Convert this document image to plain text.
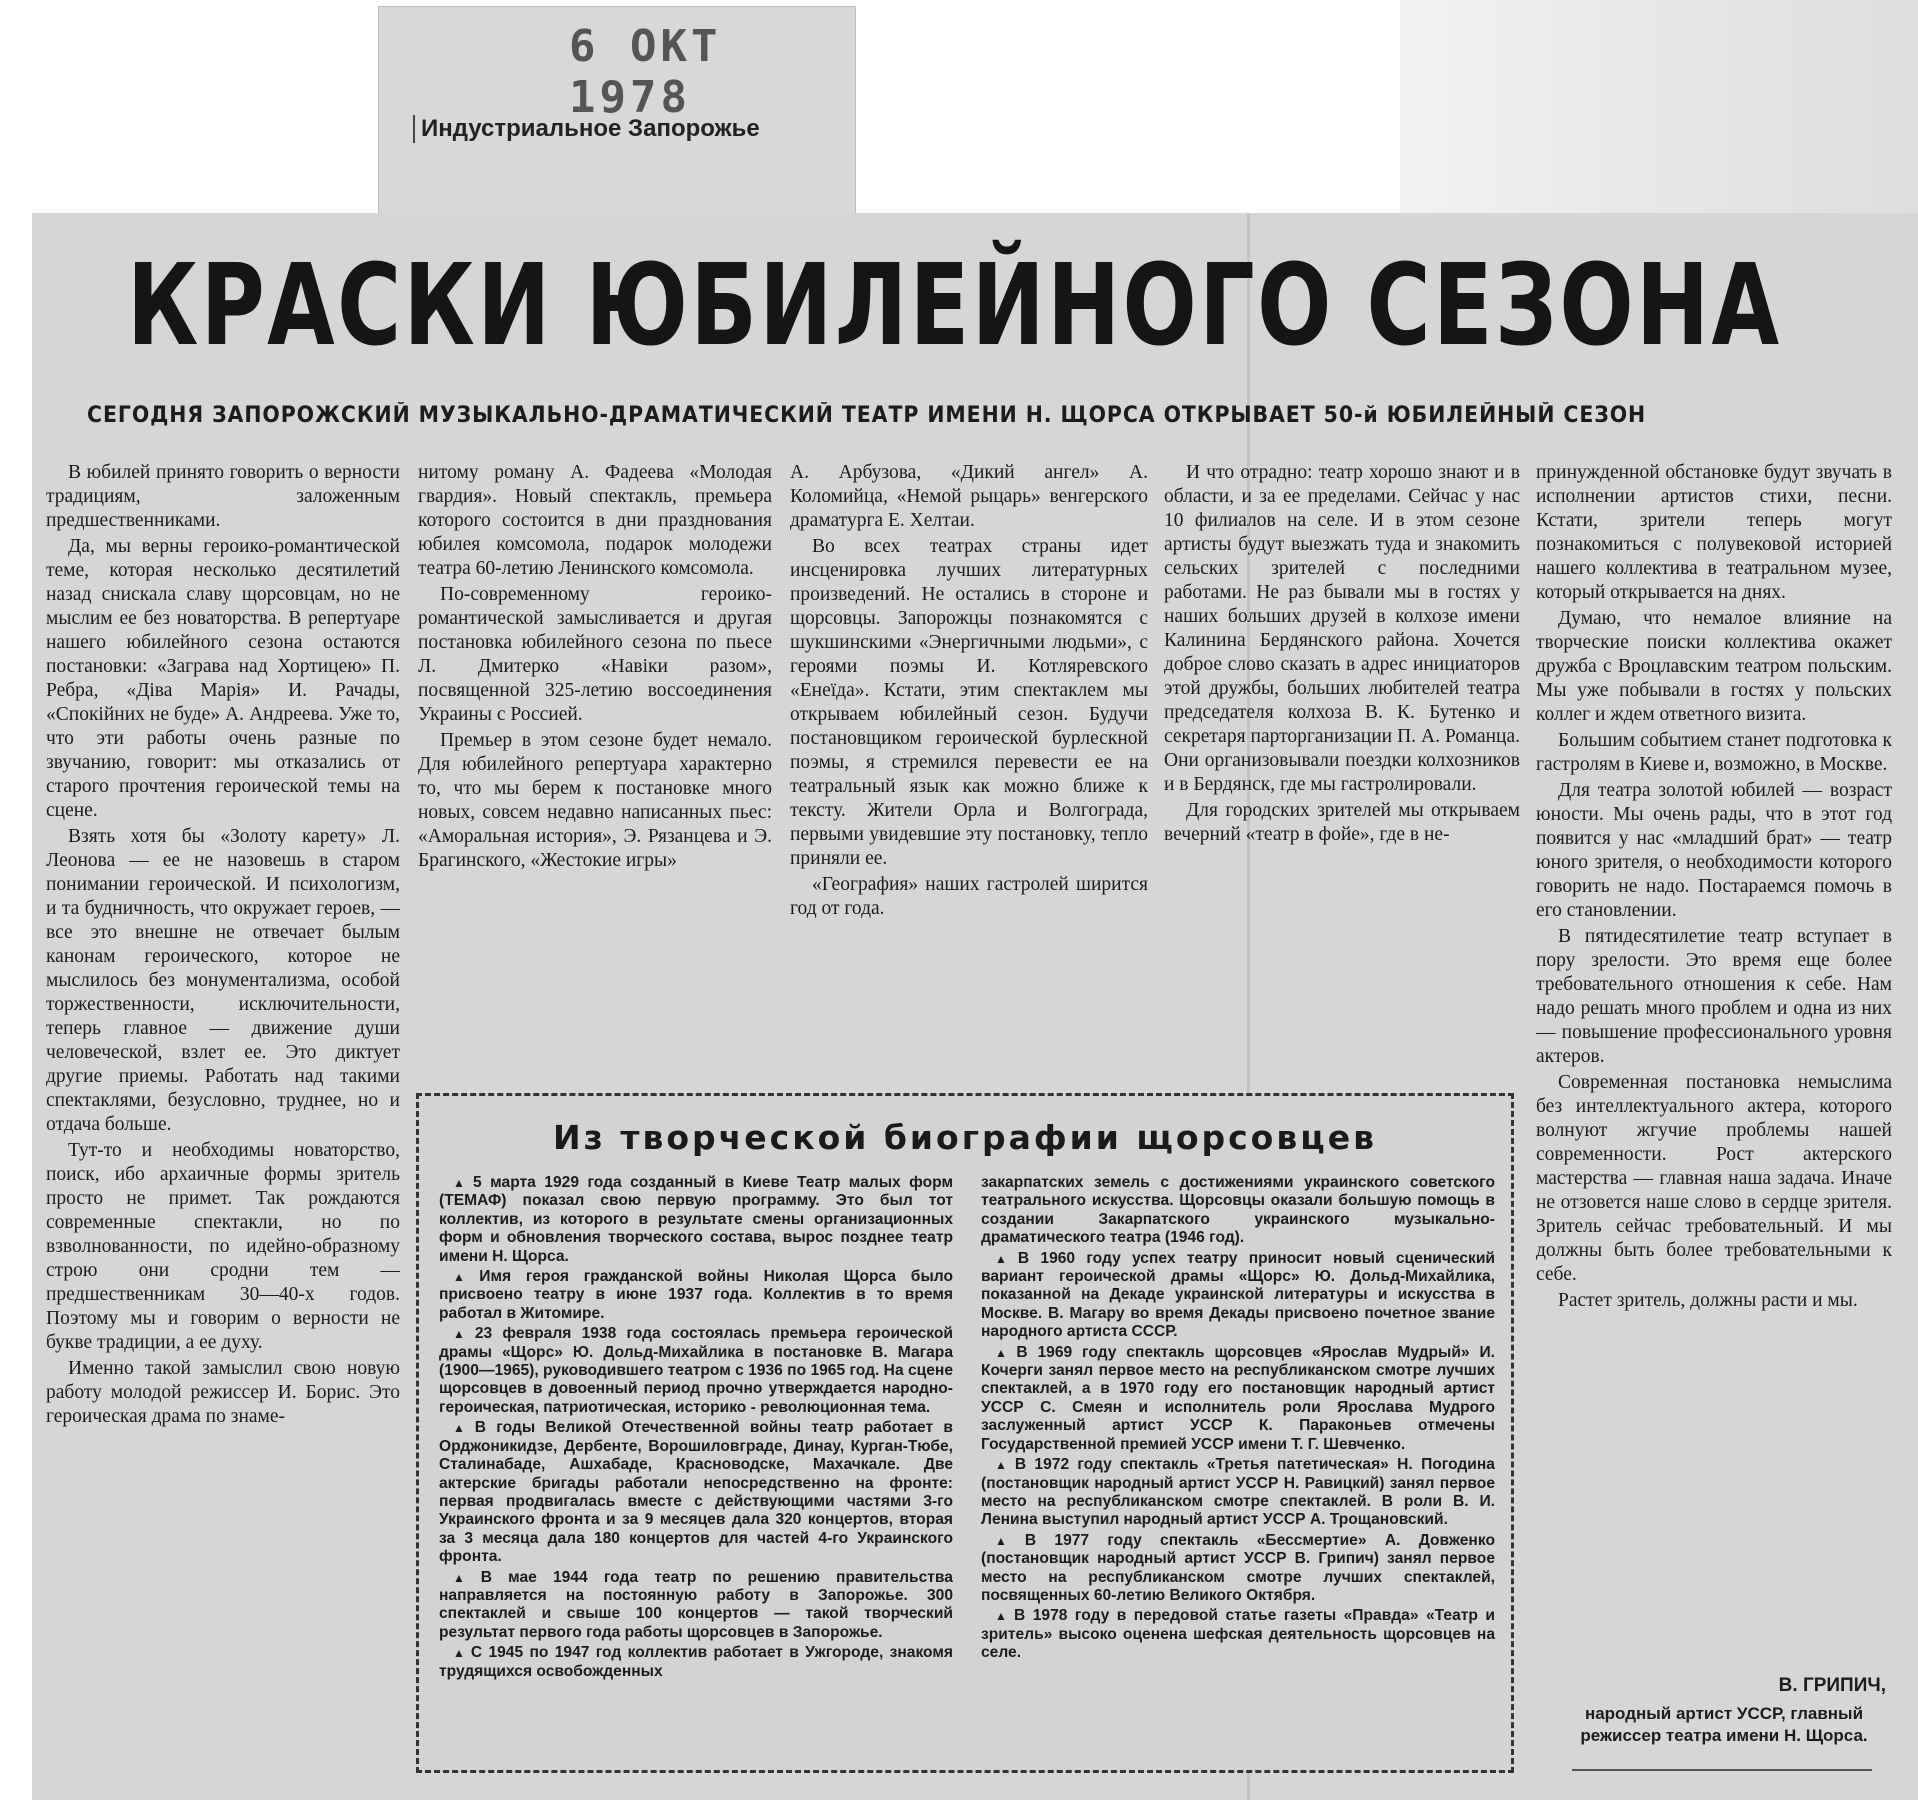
6 ОКТ 1978
Индустриальное Запорожье
КРАСКИ ЮБИЛЕЙНОГО СЕЗОНА
СЕГОДНЯ ЗАПОРОЖСКИЙ МУЗЫКАЛЬНО-ДРАМАТИЧЕСКИЙ ТЕАТР ИМЕНИ Н. ЩОРСА ОТКРЫВАЕТ 50-й ЮБИЛЕЙНЫЙ СЕЗОН

В юбилей принято говорить о верности традициям, заложенным предшественниками.

Да, мы верны героико-романтической теме, которая несколько десятилетий назад снискала славу щорсовцам, но не мыслим ее без новаторства. В репертуаре нашего юбилейного сезона остаются постановки: «Заграва над Хортицею» П. Ребра, «Діва Марія» И. Рачады, «Спокійних не буде» А. Андреева. Уже то, что эти работы очень разные по звучанию, говорит: мы отказались от старого прочтения героической темы на сцене.

Взять хотя бы «Золоту карету» Л. Леонова — ее не назовешь в старом понимании героической. И психологизм, и та будничность, что окружает героев, — все это внешне не отвечает былым канонам героического, которое не мыслилось без монументализма, особой торжественности, исключительности, теперь главное — движение души человеческой, взлет ее. Это диктует другие приемы. Работать над такими спектаклями, безусловно, труднее, но и отдача больше.

Тут-то и необходимы новаторство, поиск, ибо архаичные формы зритель просто не примет. Так рождаются современные спектакли, но по взволнованности, по идейно-образному строю они сродни тем — предшественникам 30—40-х годов. Поэтому мы и говорим о верности не букве традиции, а ее духу.

Именно такой замыслил свою новую работу молодой режиссер И. Борис. Это героическая драма по знаме-

нитому роману А. Фадеева «Молодая гвардия». Новый спектакль, премьера которого состоится в дни празднования юбилея комсомола, подарок молодежи театра 60-летию Ленинского комсомола.

По-современному героико-романтической замысливается и другая постановка юбилейного сезона по пьесе Л. Дмитерко «Навіки разом», посвященной 325-летию воссоединения Украины с Россией.

Премьер в этом сезоне будет немало. Для юбилейного репертуара характерно то, что мы берем к постановке много новых, совсем недавно написанных пьес: «Аморальная история», Э. Рязанцева и Э. Брагинского, «Жестокие игры»

А. Арбузова, «Дикий ангел» А. Коломийца, «Немой рыцарь» венгерского драматурга Е. Хелтаи.

Во всех театрах страны идет инсценировка лучших литературных произведений. Не остались в стороне и щорсовцы. Запорожцы познакомятся с шукшинскими «Энергичными людьми», с героями поэмы И. Котляревского «Енеїда». Кстати, этим спектаклем мы открываем юбилейный сезон. Будучи постановщиком героической бурлескной поэмы, я стремился перевести ее на театральный язык как можно ближе к тексту. Жители Орла и Волгограда, первыми увидевшие эту постановку, тепло приняли ее.

«География» наших гастролей ширится год от года.

И что отрадно: театр хорошо знают и в области, и за ее пределами. Сейчас у нас 10 филиалов на селе. И в этом сезоне артисты будут выезжать туда и знакомить сельских зрителей с последними работами. Не раз бывали мы в гостях у наших больших друзей в колхозе имени Калинина Бердянского района. Хочется доброе слово сказать в адрес инициаторов этой дружбы, больших любителей театра председателя колхоза В. К. Бутенко и секретаря парторганизации П. А. Романца. Они организовывали поездки колхозников и в Бердянск, где мы гастролировали.

Для городских зрителей мы открываем вечерний «театр в фойе», где в не-

принужденной обстановке будут звучать в исполнении артистов стихи, песни. Кстати, зрители теперь могут познакомиться с полувековой историей нашего коллектива в театральном музее, который открывается на днях.

Думаю, что немалое влияние на творческие поиски коллектива окажет дружба с Вроцлавским театром польским. Мы уже побывали в гостях у польских коллег и ждем ответного визита.

Большим событием станет подготовка к гастролям в Киеве и, возможно, в Москве.

Для театра золотой юбилей — возраст юности. Мы очень рады, что в этот год появится у нас «младший брат» — театр юного зрителя, о необходимости которого говорить не надо. Постараемся помочь в его становлении.

В пятидесятилетие театр вступает в пору зрелости. Это время еще более требовательного отношения к себе. Нам надо решать много проблем и одна из них — повышение профессионального уровня актеров.

Современная постановка немыслима без интеллектуального актера, которого волнуют жгучие проблемы нашей современности. Рост актерского мастерства — главная наша задача. Иначе не отзовется наше слово в сердце зрителя. Зритель сейчас требовательный. И мы должны быть более требовательными к себе.

Растет зритель, должны расти и мы.

Из творческой биографии щорсовцев

▲ 5 марта 1929 года созданный в Киеве Театр малых форм (ТЕМАФ) показал свою первую программу. Это был тот коллектив, из которого в результате смены организационных форм и обновления творческого состава, вырос позднее театр имени Н. Щорса.

▲ Имя героя гражданской войны Николая Щорса было присвоено театру в июне 1937 года. Коллектив в то время работал в Житомире.

▲ 23 февраля 1938 года состоялась премьера героической драмы «Щорс» Ю. Дольд-Михайлика в постановке В. Магара (1900—1965), руководившего театром с 1936 по 1965 год. На сцене щорсовцев в довоенный период прочно утверждается народно-героическая, патриотическая, историко - революционная тема.

▲ В годы Великой Отечественной войны театр работает в Орджоникидзе, Дербенте, Ворошиловграде, Динау, Курган-Тюбе, Сталинабаде, Ашхабаде, Красноводске, Махачкале. Две актерские бригады работали непосредственно на фронте: первая продвигалась вместе с действующими частями 3-го Украинского фронта и за 9 месяцев дала 320 концертов, вторая за 3 месяца дала 180 концертов для частей 4-го Украинского фронта.

▲ В мае 1944 года театр по решению правительства направляется на постоянную работу в Запорожье. 300 спектаклей и свыше 100 концертов — такой творческий результат первого года работы щорсовцев в Запорожье.

▲ С 1945 по 1947 год коллектив работает в Ужгороде, знакомя трудящихся освобожденных

закарпатских земель с достижениями украинского советского театрального искусства. Щорсовцы оказали большую помощь в создании Закарпатского украинского музыкально-драматического театра (1946 год).

▲ В 1960 году успех театру приносит новый сценический вариант героической драмы «Щорс» Ю. Дольд-Михайлика, показанной на Декаде украинской литературы и искусства в Москве. В. Магару во время Декады присвоено почетное звание народного артиста СССР.

▲ В 1969 году спектакль щорсовцев «Ярослав Мудрый» И. Кочерги занял первое место на республиканском смотре лучших спектаклей, а в 1970 году его постановщик народный артист УССР С. Смеян и исполнитель роли Ярослава Мудрого заслуженный артист УССР К. Параконьев отмечены Государственной премией УССР имени Т. Г. Шевченко.

▲ В 1972 году спектакль «Третья патетическая» Н. Погодина (постановщик народный артист УССР Н. Равицкий) занял первое место на республиканском смотре спектаклей. В роли В. И. Ленина выступил народный артист УССР А. Трощановский.

▲ В 1977 году спектакль «Бессмертие» А. Довженко (постановщик народный артист УССР В. Грипич) занял первое место на республиканском смотре лучших спектаклей, посвященных 60-летию Великого Октября.

▲ В 1978 году в передовой статье газеты «Правда» «Театр и зритель» высоко оценена шефская деятельность щорсовцев на селе.

В. ГРИПИЧ,
народный артист УССР, главный режиссер театра имени Н. Щорса.
